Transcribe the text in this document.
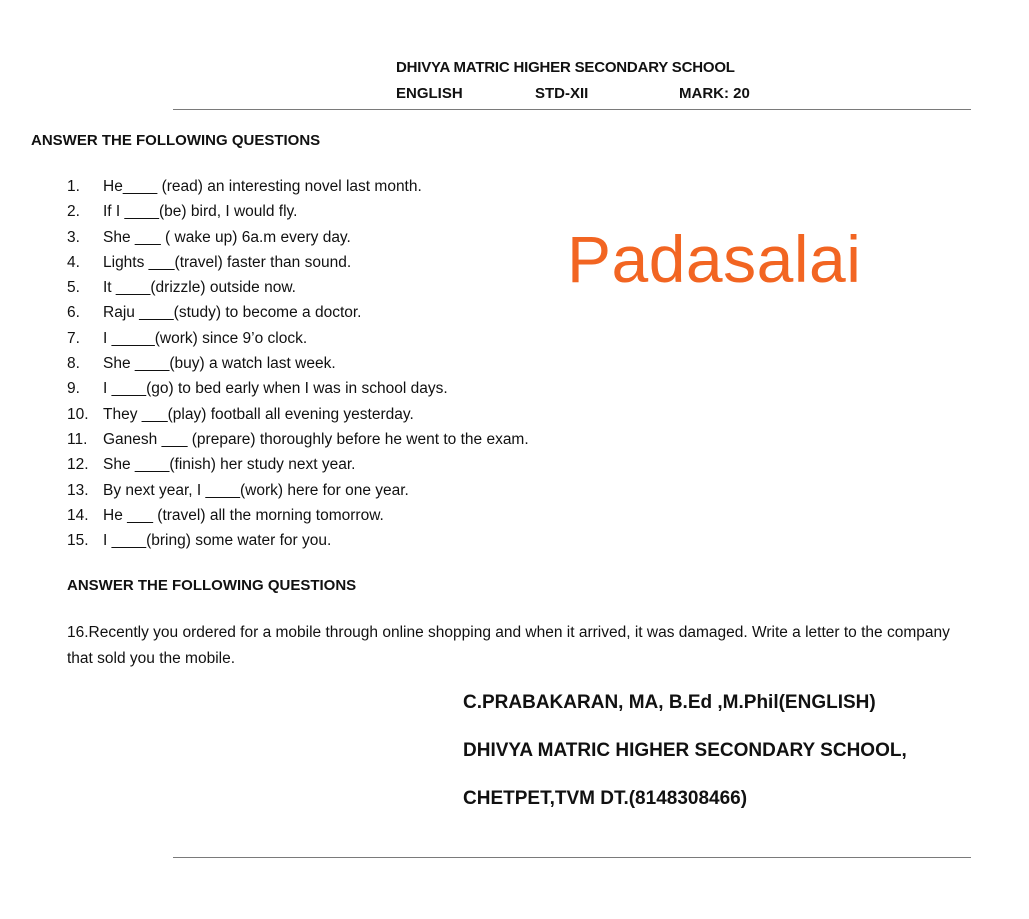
DHIVYA MATRIC HIGHER SECONDARY SCHOOL
ENGLISH	STD-XII	MARK: 20
ANSWER THE FOLLOWING QUESTIONS
1.	He____ (read) an interesting novel last month.
2.	If I ____(be) bird, I would fly.
3.	She ___ ( wake up) 6a.m every day.
4.	Lights ___(travel) faster than sound.
5.	It ____(drizzle) outside now.
6.	Raju ____(study) to become a doctor.
7.	I _____(work) since 9’o clock.
8.	She ____(buy) a watch last week.
9.	I ____(go) to bed early when I was in school days.
10. They ___(play) football all evening yesterday.
11.	Ganesh ___ (prepare) thoroughly before he went to the exam.
12. She ____(finish) her study next year.
13. By next year, I ____(work) here for one year.
14. He ___ (travel) all the morning tomorrow.
15. I ____(bring) some water for you.
Padasalai
ANSWER THE FOLLOWING QUESTIONS
16.Recently you ordered for a mobile through online shopping and when it arrived, it was damaged. Write a letter to the company that sold you the mobile.
C.PRABAKARAN, MA, B.Ed ,M.Phil(ENGLISH)
DHIVYA MATRIC HIGHER SECONDARY SCHOOL,
CHETPET,TVM DT.(8148308466)
